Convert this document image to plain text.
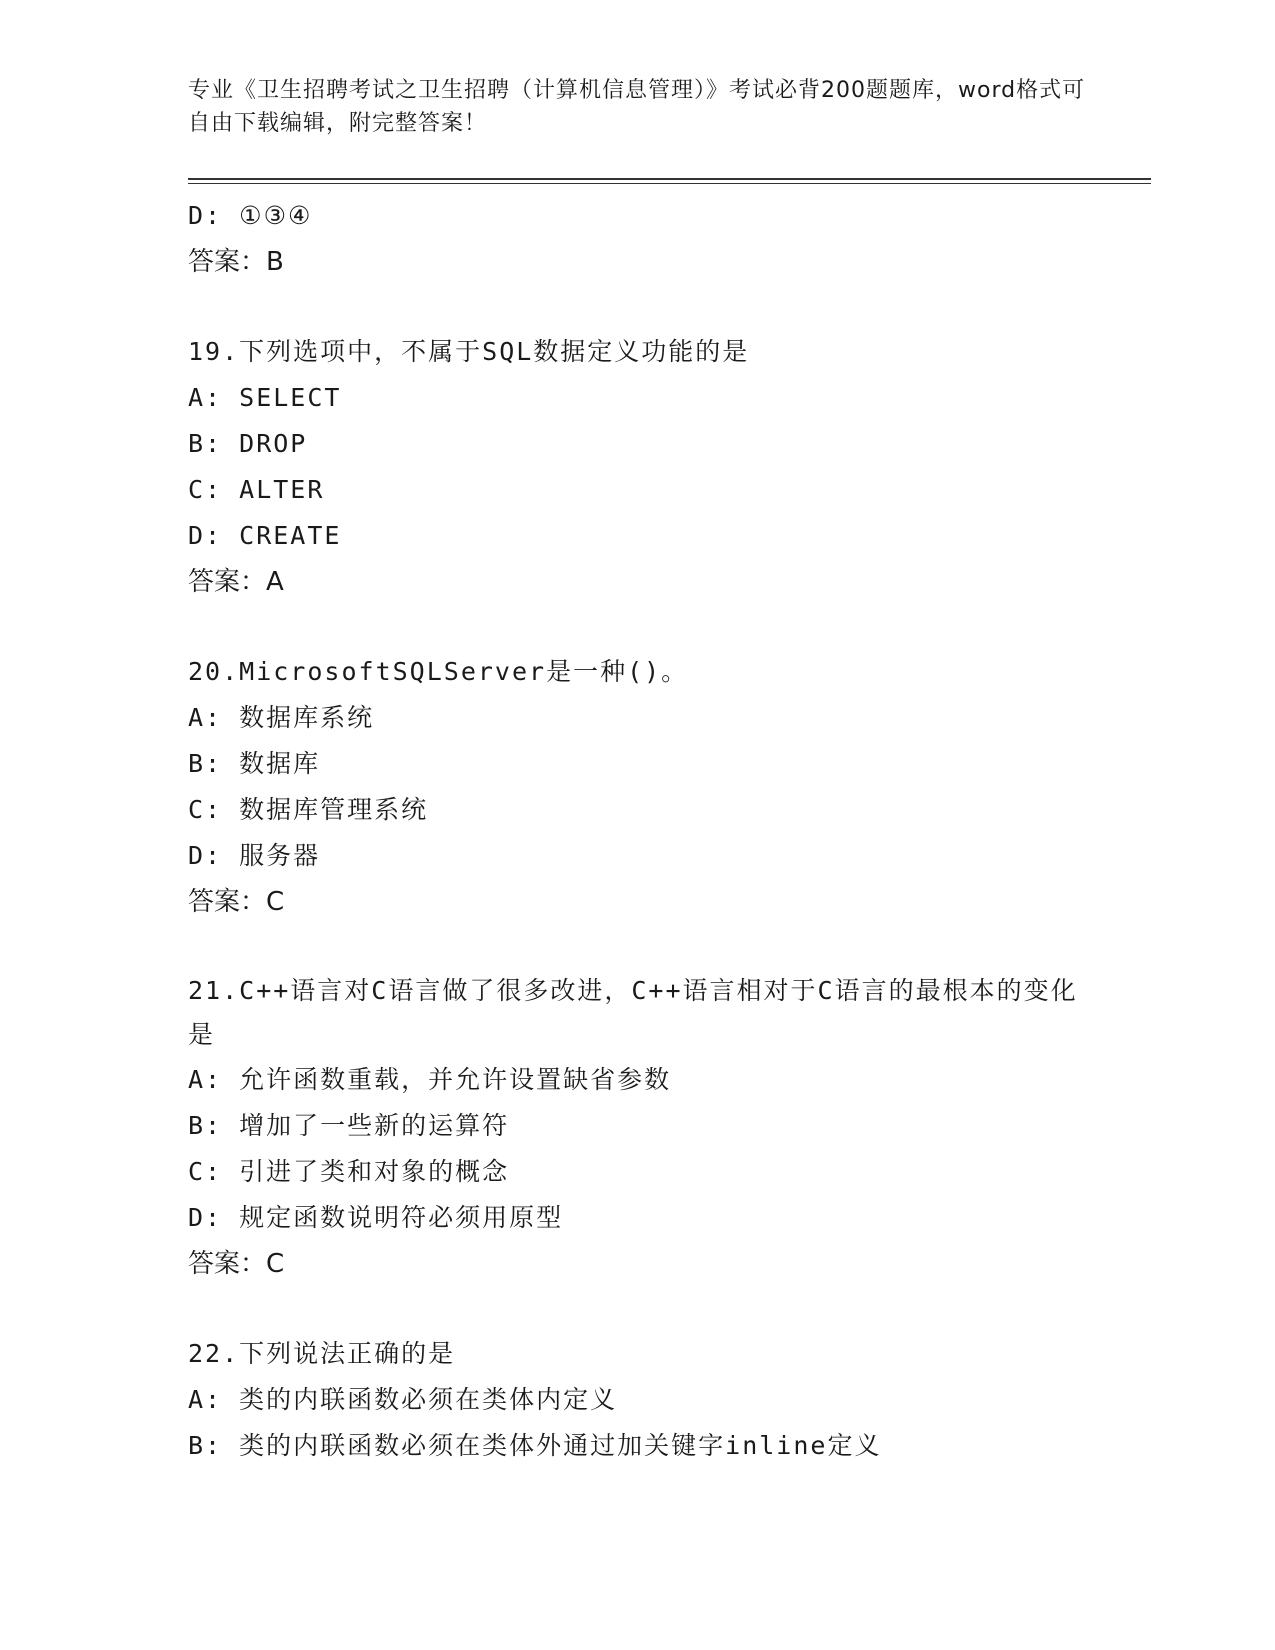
专业《卫生招聘考试之卫生招聘（计算机信息管理）》考试必背200题题库，word格式可自由下载编辑，附完整答案！
D: ①③④
答案：B
19.下列选项中，不属于SQL数据定义功能的是
A: SELECT
B: DROP
C: ALTER
D: CREATE
答案：A
20.MicrosoftSQLServer是一种()。
A: 数据库系统
B: 数据库
C: 数据库管理系统
D: 服务器
答案：C
21.C++语言对C语言做了很多改进，C++语言相对于C语言的最根本的变化是
A: 允许函数重载，并允许设置缺省参数
B: 增加了一些新的运算符
C: 引进了类和对象的概念
D: 规定函数说明符必须用原型
答案：C
22.下列说法正确的是
A: 类的内联函数必须在类体内定义
B: 类的内联函数必须在类体外通过加关键字inline定义
